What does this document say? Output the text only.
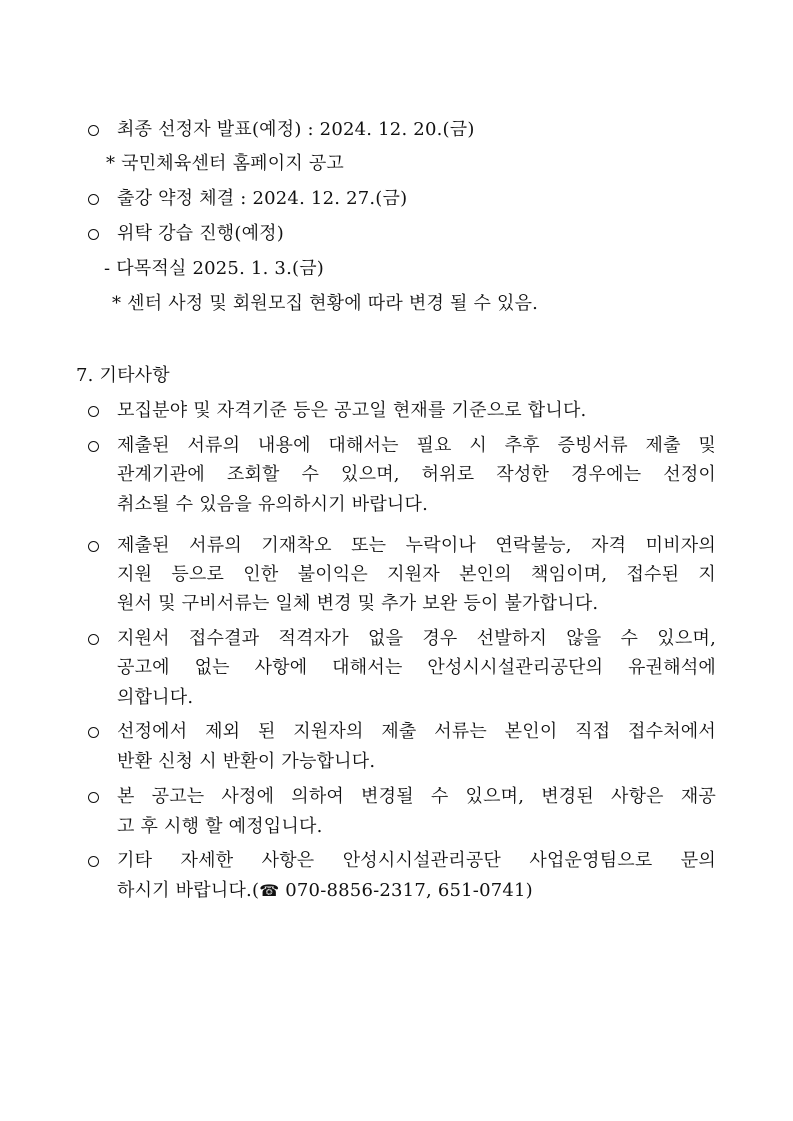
최종 선정자 발표(예정) : 2024. 12. 20.(금)
* 국민체육센터 홈페이지 공고
출강 약정 체결 : 2024. 12. 27.(금)
위탁 강습 진행(예정)
- 다목적실 2025. 1. 3.(금)
* 센터 사정 및 회원모집 현황에 따라 변경 될 수 있음.
7. 기타사항
모집분야 및 자격기준 등은 공고일 현재를 기준으로 합니다.
제출된 서류의 내용에 대해서는 필요 시 추후 증빙서류 제출 및
관계기관에 조회할 수 있으며, 허위로 작성한 경우에는 선정이
취소될 수 있음을 유의하시기 바랍니다.
제출된 서류의 기재착오 또는 누락이나 연락불능, 자격 미비자의
지원 등으로 인한 불이익은 지원자 본인의 책임이며, 접수된 지
원서 및 구비서류는 일체 변경 및 추가 보완 등이 불가합니다.
지원서 접수결과 적격자가 없을 경우 선발하지 않을 수 있으며,
공고에 없는 사항에 대해서는 안성시시설관리공단의 유권해석에
의합니다.
선정에서 제외 된 지원자의 제출 서류는 본인이 직접 접수처에서
반환 신청 시 반환이 가능합니다.
본 공고는 사정에 의하여 변경될 수 있으며, 변경된 사항은 재공
고 후 시행 할 예정입니다.
기타 자세한 사항은 안성시시설관리공단 사업운영팀으로 문의
하시기 바랍니다.(☎ 070-8856-2317, 651-0741)
